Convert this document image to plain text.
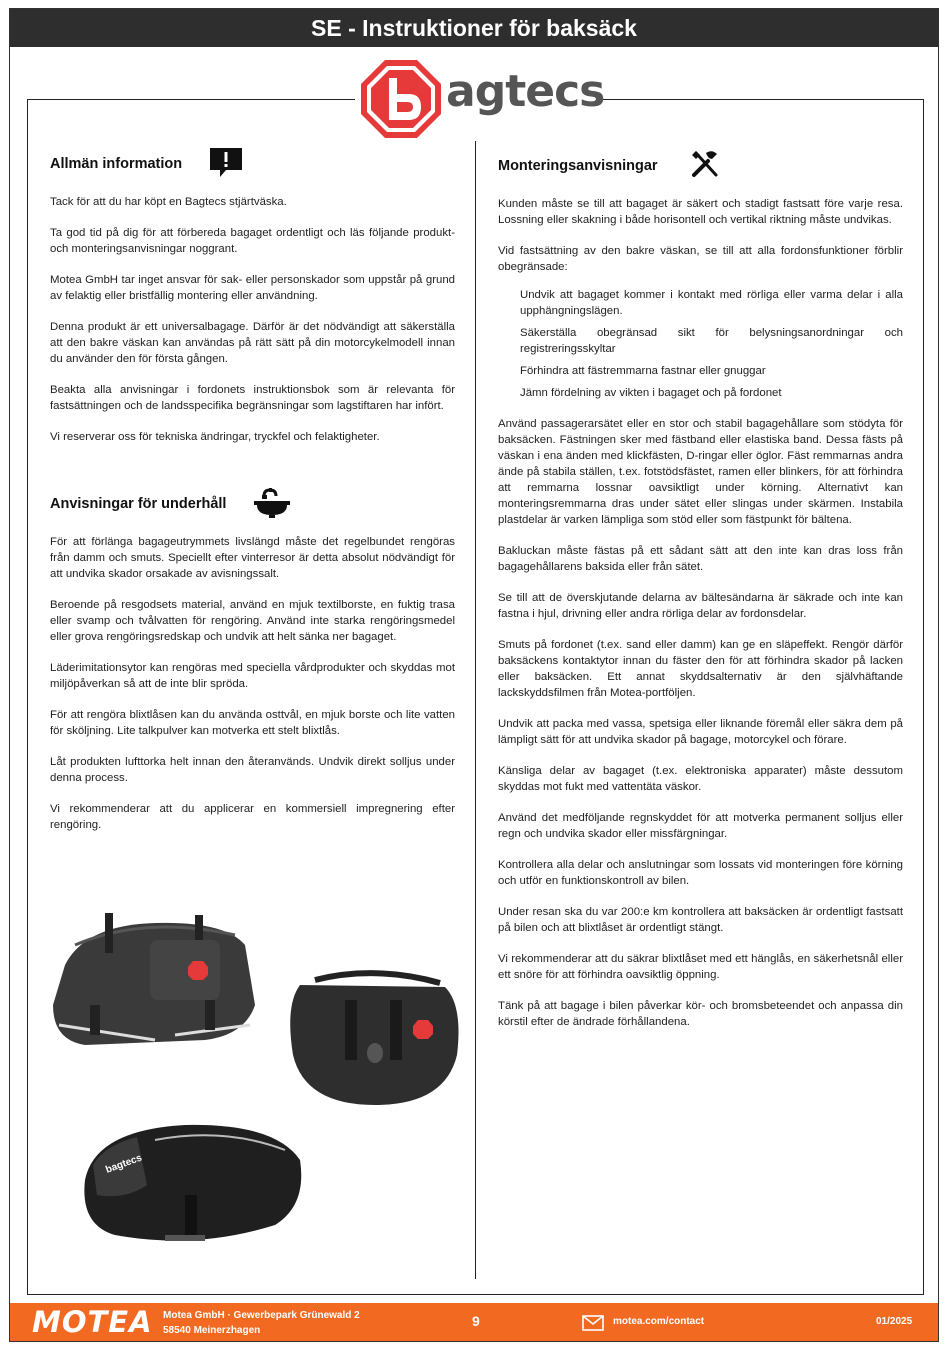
SE - Instruktioner för baksäck
agtecs
Allmän information

Tack för att du har köpt en Bagtecs stjärtväska.

Ta god tid på dig för att förbereda bagaget ordentligt och läs följande produkt- och monteringsanvisningar noggrant.

Motea GmbH tar inget ansvar för sak- eller personskador som uppstår på grund av felaktig eller bristfällig montering eller användning.

Denna produkt är ett universalbagage. Därför är det nödvändigt att säkerställa att den bakre väskan kan användas på rätt sätt på din motorcykelmodell innan du använder den för första gången.

Beakta alla anvisningar i fordonets instruktionsbok som är relevanta för fastsättningen och de landsspecifika begränsningar som lagstiftaren har infört.

Vi reserverar oss för tekniska ändringar, tryckfel och felaktigheter.

Anvisningar för underhåll

För att förlänga bagageutrymmets livslängd måste det regelbundet rengöras från damm och smuts. Speciellt efter vinterresor är detta absolut nödvändigt för att undvika skador orsakade av avisningssalt.

Beroende på resgodsets material, använd en mjuk textilborste, en fuktig trasa eller svamp och tvålvatten för rengöring. Använd inte starka rengöringsmedel eller grova rengöringsredskap och undvik att helt sänka ner bagaget.

Läderimitationsytor kan rengöras med speciella vårdprodukter och skyddas mot miljöpåverkan så att de inte blir spröda.

För att rengöra blixtlåsen kan du använda osttvål, en mjuk borste och lite vatten för sköljning. Lite talkpulver kan motverka ett stelt blixtlås.

Låt produkten lufttorka helt innan den återanvänds. Undvik direkt solljus under denna process.

Vi rekommenderar att du applicerar en kommersiell impregnering efter rengöring.

bagtecs
Monteringsanvisningar

Kunden måste se till att bagaget är säkert och stadigt fastsatt före varje resa. Lossning eller skakning i både horisontell och vertikal riktning måste undvikas.

Vid fastsättning av den bakre väskan, se till att alla fordonsfunktioner förblir obegränsade:

Undvik att bagaget kommer i kontakt med rörliga eller varma delar i alla upphängningslägen.
Säkerställa obegränsad sikt för belysningsanordningar och registreringsskyltar
Förhindra att fästremmarna fastnar eller gnuggar
Jämn fördelning av vikten i bagaget och på fordonet

Använd passagerarsätet eller en stor och stabil bagagehållare som stödyta för baksäcken. Fästningen sker med fästband eller elastiska band. Dessa fästs på väskan i ena änden med klickfästen, D-ringar eller öglor. Fäst remmarnas andra ände på stabila ställen, t.ex. fotstödsfästet, ramen eller blinkers, för att förhindra att remmarna lossnar oavsiktligt under körning. Alternativt kan monteringsremmarna dras under sätet eller slingas under skärmen. Instabila plastdelar är varken lämpliga som stöd eller som fästpunkt för bältena.

Bakluckan måste fästas på ett sådant sätt att den inte kan dras loss från bagagehållarens baksida eller från sätet.

Se till att de överskjutande delarna av bältesändarna är säkrade och inte kan fastna i hjul, drivning eller andra rörliga delar av fordonsdelar.

Smuts på fordonet (t.ex. sand eller damm) kan ge en släpeffekt. Rengör därför baksäckens kontaktytor innan du fäster den för att förhindra skador på lacken eller baksäcken. Ett annat skyddsalternativ är den självhäftande lackskyddsfilmen från Motea-portföljen.

Undvik att packa med vassa, spetsiga eller liknande föremål eller säkra dem på lämpligt sätt för att undvika skador på bagage, motorcykel och förare.

Känsliga delar av bagaget (t.ex. elektroniska apparater) måste dessutom skyddas mot fukt med vattentäta väskor.

Använd det medföljande regnskyddet för att motverka permanent solljus eller regn och undvika skador eller missfärgningar.

Kontrollera alla delar och anslutningar som lossats vid monteringen före körning och utför en funktionskontroll av bilen.

Under resan ska du var 200:e km kontrollera att baksäcken är ordentligt fastsatt på bilen och att blixtlåset är ordentligt stängt.

Vi rekommenderar att du säkrar blixtlåset med ett hänglås, en säkerhetsnål eller ett snöre för att förhindra oavsiktlig öppning.

Tänk på att bagage i bilen påverkar kör- och bromsbeteendet och anpassa din körstil efter de ändrade förhållandena.

MOTEA Motea GmbH · Gewerbepark Grünewald 2
58540 Meinerzhagen
9	motea.com/contact	01/2025
